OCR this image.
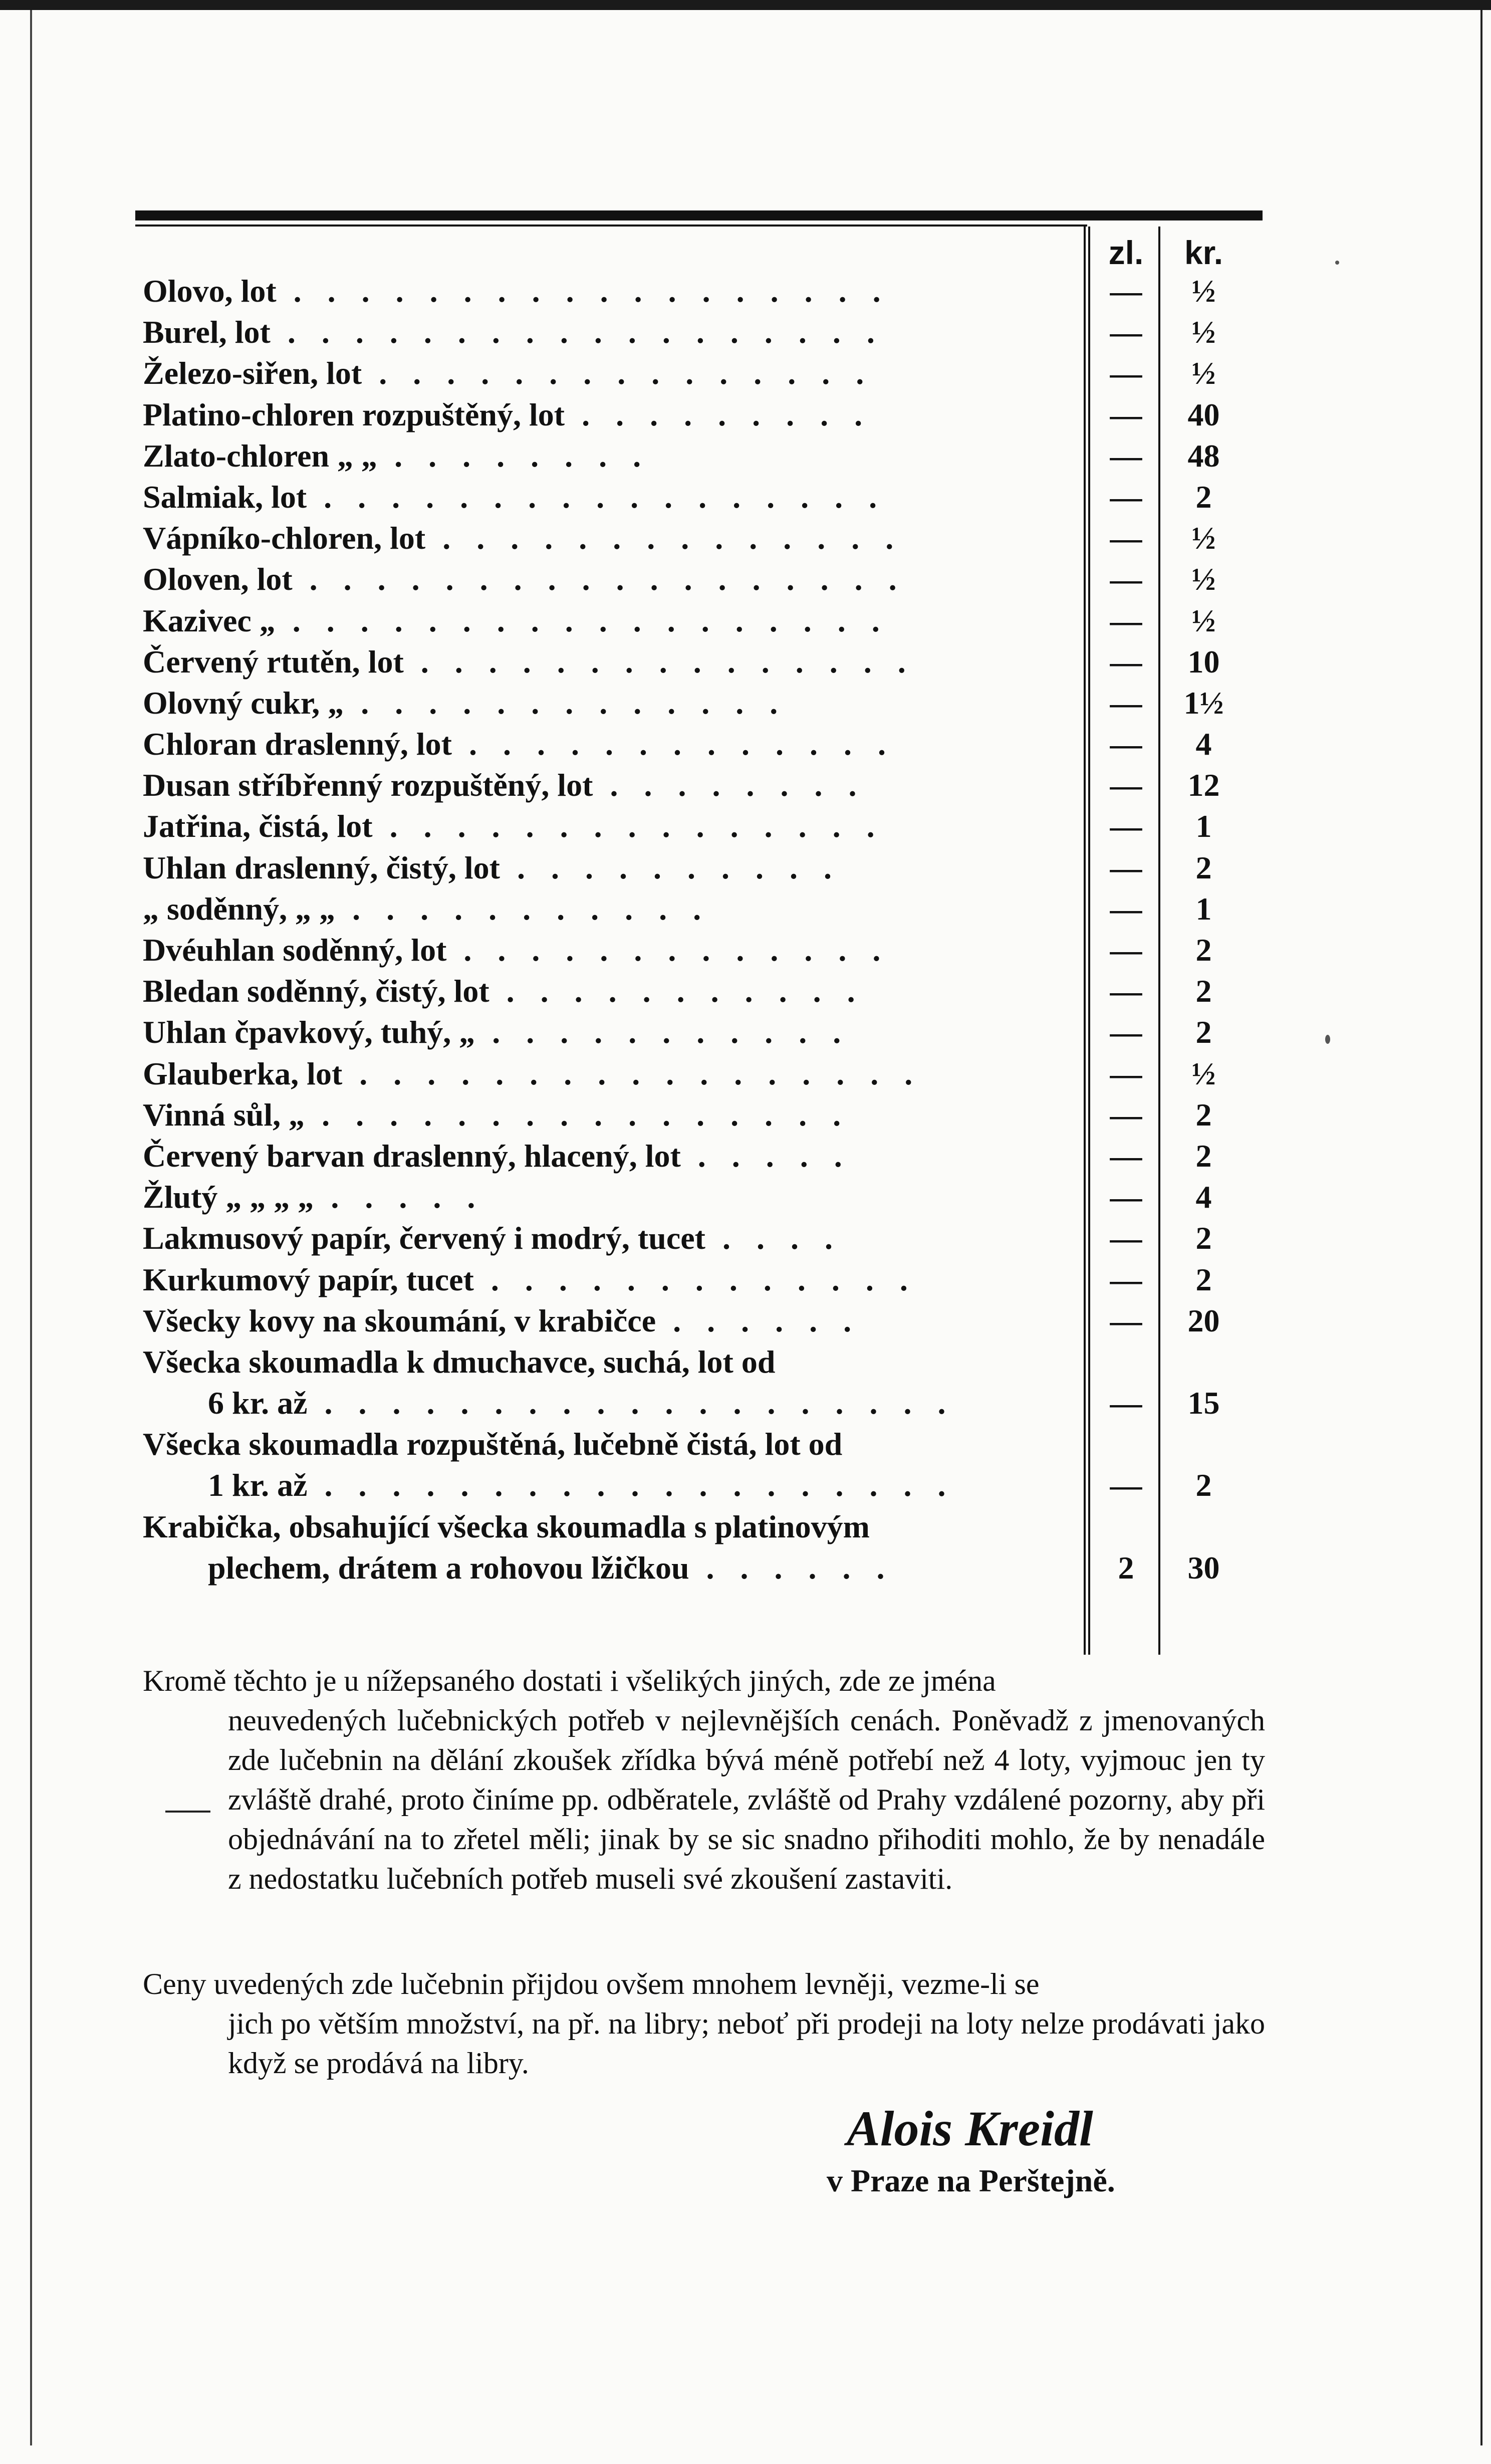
zl.	kr.
Olovo, lot . . . . . . . . . . . . . . . . . .	—	½
Burel, lot . . . . . . . . . . . . . . . . . .	—	½
Železo-siřen, lot . . . . . . . . . . . . . . .	—	½
Platino-chloren rozpuštěný, lot . . . . . . . . .	—	40
Zlato-chloren „ „ . . . . . . . .	—	48
Salmiak, lot . . . . . . . . . . . . . . . . .	—	2
Vápníko-chloren, lot . . . . . . . . . . . . . .	—	½
Oloven, lot . . . . . . . . . . . . . . . . . .	—	½
Kazivec „ . . . . . . . . . . . . . . . . . .	—	½
Červený rtutěn, lot . . . . . . . . . . . . . . .	—	10
Olovný cukr, „ . . . . . . . . . . . . .	—	1½
Chloran draslenný, lot . . . . . . . . . . . . .	—	4
Dusan stříbřenný rozpuštěný, lot . . . . . . . .	—	12
Jatřina, čistá, lot . . . . . . . . . . . . . . .	—	1
Uhlan draslenný, čistý, lot . . . . . . . . . .	—	2
„ soděnný, „ „ . . . . . . . . . . .	—	1
Dvéuhlan soděnný, lot . . . . . . . . . . . . .	—	2
Bledan soděnný, čistý, lot . . . . . . . . . . .	—	2
Uhlan čpavkový, tuhý, „ . . . . . . . . . . .	—	2
Glauberka, lot . . . . . . . . . . . . . . . . .	—	½
Vinná sůl, „ . . . . . . . . . . . . . . . .	—	2
Červený barvan draslenný, hlacený, lot . . . . .	—	2
Žlutý „ „ „ „ . . . . .	—	4
Lakmusový papír, červený i modrý, tucet . . . .	—	2
Kurkumový papír, tucet . . . . . . . . . . . . .	—	2
Všecky kovy na skoumání, v krabičce . . . . . .	—	20
Všecka skoumadla k dmuchavce, suchá, lot od
6 kr. až . . . . . . . . . . . . . . . . . . .	—	15
Všecka skoumadla rozpuštěná, lučebně čistá, lot od
1 kr. až . . . . . . . . . . . . . . . . . . .	—	2
Krabička, obsahující všecka skoumadla s platinovým
plechem, drátem a rohovou lžičkou . . . . . .	2	30
Kromě těchto je u nížepsaného dostati i všelikých jiných, zde ze jména
neuvedených lučebnických potřeb v nejlevnějších cenách. Poněvadž z jmenovaných zde lučebnin na dělání zkoušek zřídka bývá méně potřebí než 4 loty, vyjmouc jen ty zvláště drahé, proto činíme pp. odběratele, zvláště od Prahy vzdálené pozorny, aby při objednávání na to zřetel měli; jinak by se sic snadno přihoditi mohlo, že by nenadále z nedostatku lučebních potřeb museli své zkoušení zastaviti.
Ceny uvedených zde lučebnin přijdou ovšem mnohem levněji, vezme-li se
jich po větším množství, na př. na libry; neboť při prodeji na loty nelze prodávati jako když se prodává na libry.
Alois Kreidl
v Praze na Perštejně.
